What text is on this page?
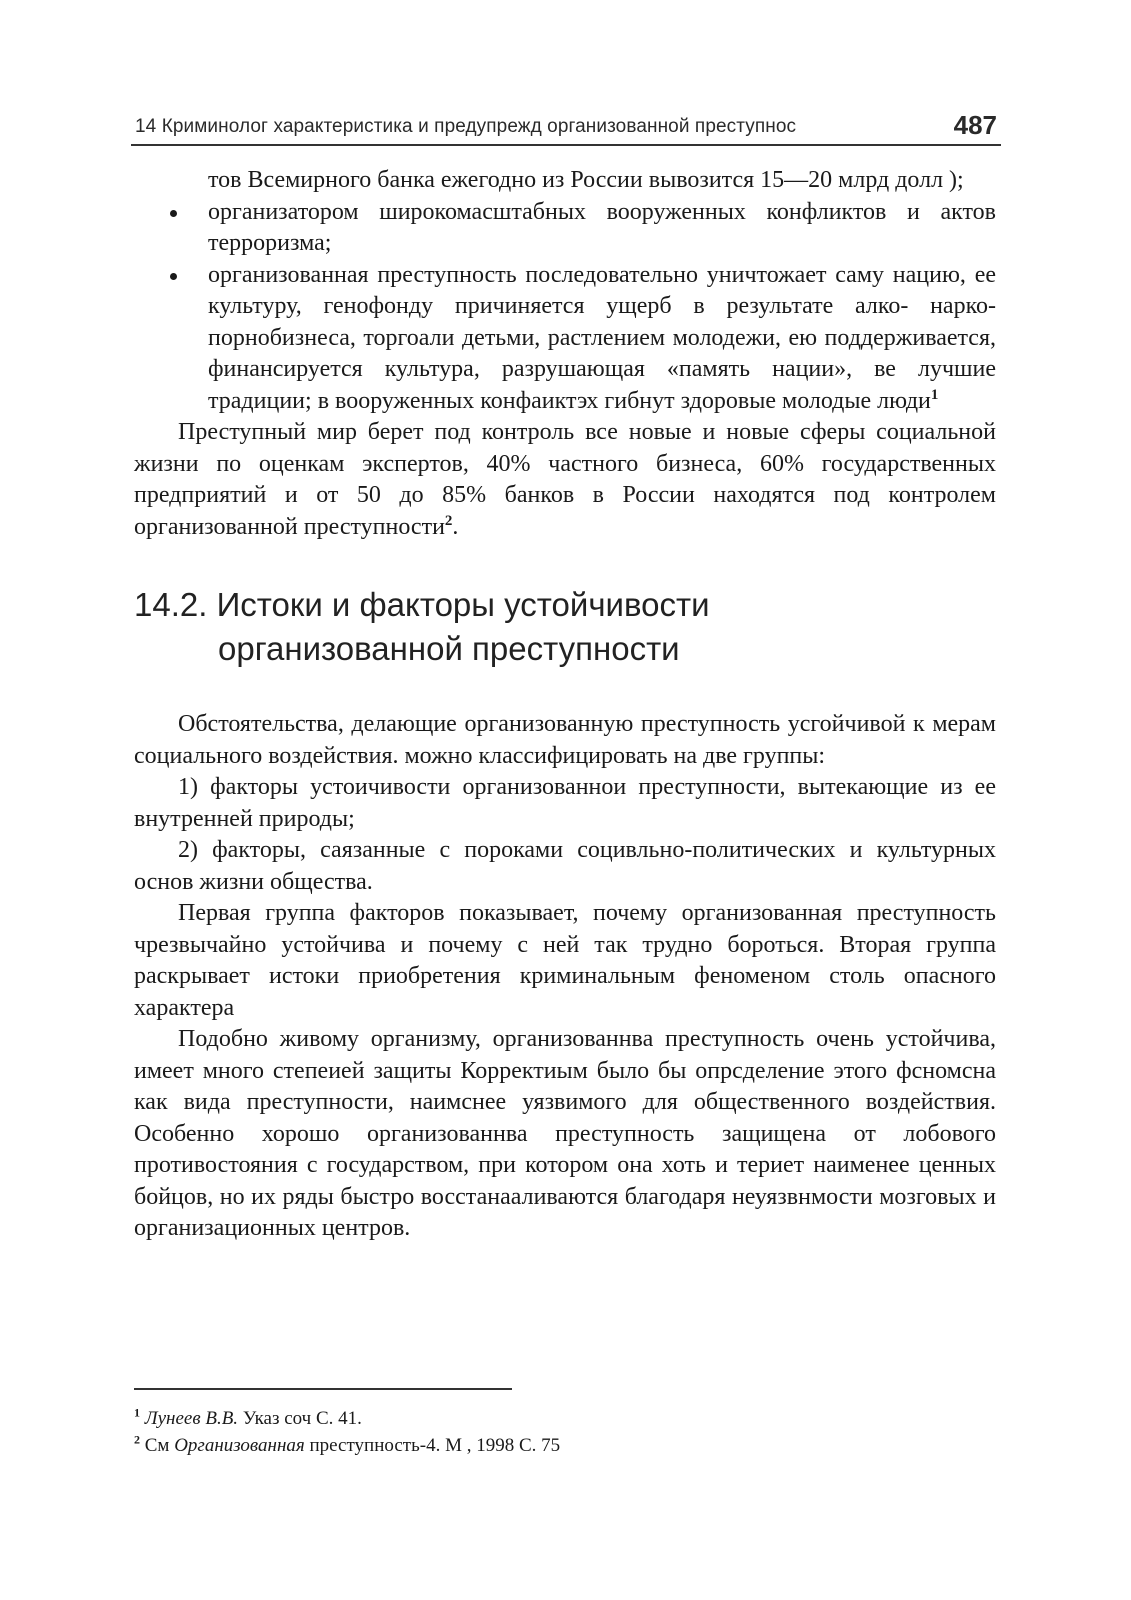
14 Криминолог характеристика и предупрежд организованной преступнос	487

тов Всемирного банка ежегодно из России вывозится 15—20 млрд долл );

организатором широкомасштабных вооруженных конфликтов и актов терроризма;
организованная преступность последовательно уничтожает саму нацию, ее культуру, генофонду причиняется ущерб в результате алко- нарко- порнобизнеса, торгоали детьми, растлением молодежи, ею поддерживается, финансируется культура, разрушающая «память нации», ве лучшие традиции; в вооруженных конфаиктэх гибнут здоровые молодые люди$^1$

Преступный мир берет под контроль все новые и новые сферы социальной жизни по оценкам экспертов, 40% частного бизнеса, 60% государственных предприятий и от 50 до 85% банков в России находятся под контролем организованной преступности$^2$.

14.2. Истоки и факторы устойчивости
организованной преступности

Обстоятельства, делающие организованную преступность усгойчивой к мерам социального воздействия. можно классифицировать на две группы:

1) факторы устоичивости организованнои преступности, вытекающие из ее внутренней природы;

2) факторы, саязанные с пороками социвльно-политических и культурных основ жизни общества.

Первая группа факторов показывает, почему организованная преступность чрезвычайно устойчива и почему с ней так трудно бороться. Вторая группа раскрывает истоки приобретения криминальным феноменом столь опасного характера

Подобно живому организму, организованнва преступность очень устойчива, имеет много степеией защиты Корректиым было бы опрсделение этого фсномсна как вида преступности, наимснее уязвимого для общественного воздействия. Особенно хорошо организованнва преступность защищена от лобового противостояния с государством, при котором она хоть и териет наименее ценных бойцов, но их ряды быстро восстанааливаются благодаря неуязвнмости мозговых и организационных центров.

$^1$ Лунеев В.В. Указ соч С. 41.
$^2$ См Организованная преступность-4. М , 1998 С. 75
